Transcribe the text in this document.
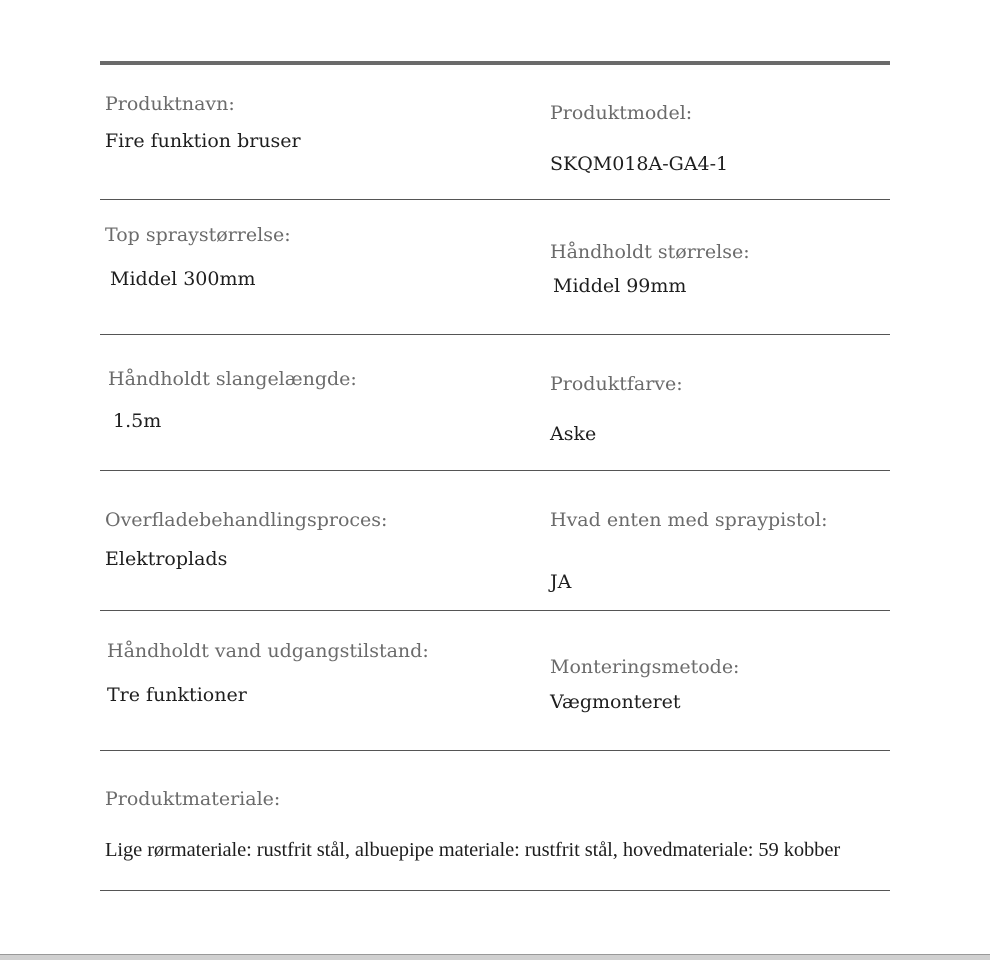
Produktnavn:
Fire funktion bruser
Produktmodel:
SKQM018A-GA4-1
Top spraystørrelse:
Middel 300mm
Håndholdt størrelse:
Middel 99mm
Håndholdt slangelængde:
1.5m
Produktfarve:
Aske
Overfladebehandlingsproces:
Elektroplads
Hvad enten med spraypistol:
JA
Håndholdt vand udgangstilstand:
Tre funktioner
Monteringsmetode:
Vægmonteret
Produktmateriale:
Lige rørmateriale: rustfrit stål, albuepipe materiale: rustfrit stål, hovedmateriale: 59 kobber
